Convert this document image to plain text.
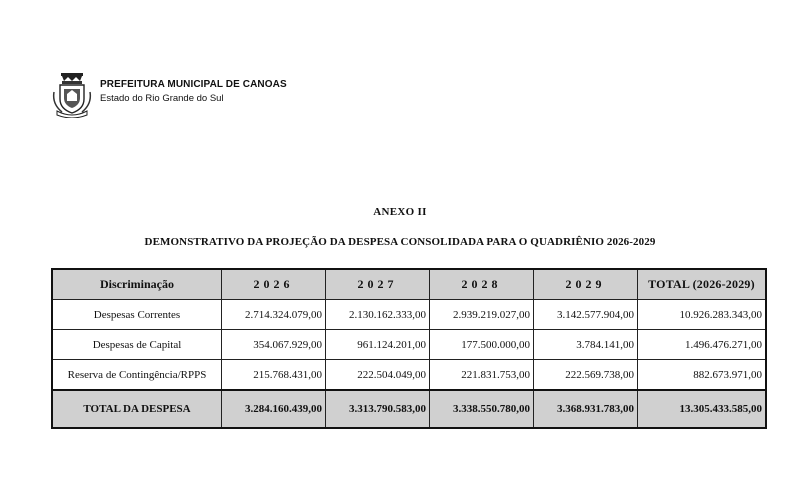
PREFEITURA MUNICIPAL DE CANOAS
Estado do Rio Grande do Sul
ANEXO II
DEMONSTRATIVO DA PROJEÇÃO DA DESPESA CONSOLIDADA PARA O QUADRIÊNIO 2026-2029
Discriminação	2026	2027	2028	2029	TOTAL (2026-2029)
Despesas Correntes	2.714.324.079,00	2.130.162.333,00	2.939.219.027,00	3.142.577.904,00	10.926.283.343,00
Despesas de Capital	354.067.929,00	961.124.201,00	177.500.000,00	3.784.141,00	1.496.476.271,00
Reserva de Contingência/RPPS	215.768.431,00	222.504.049,00	221.831.753,00	222.569.738,00	882.673.971,00
TOTAL DA DESPESA	3.284.160.439,00	3.313.790.583,00	3.338.550.780,00	3.368.931.783,00	13.305.433.585,00
